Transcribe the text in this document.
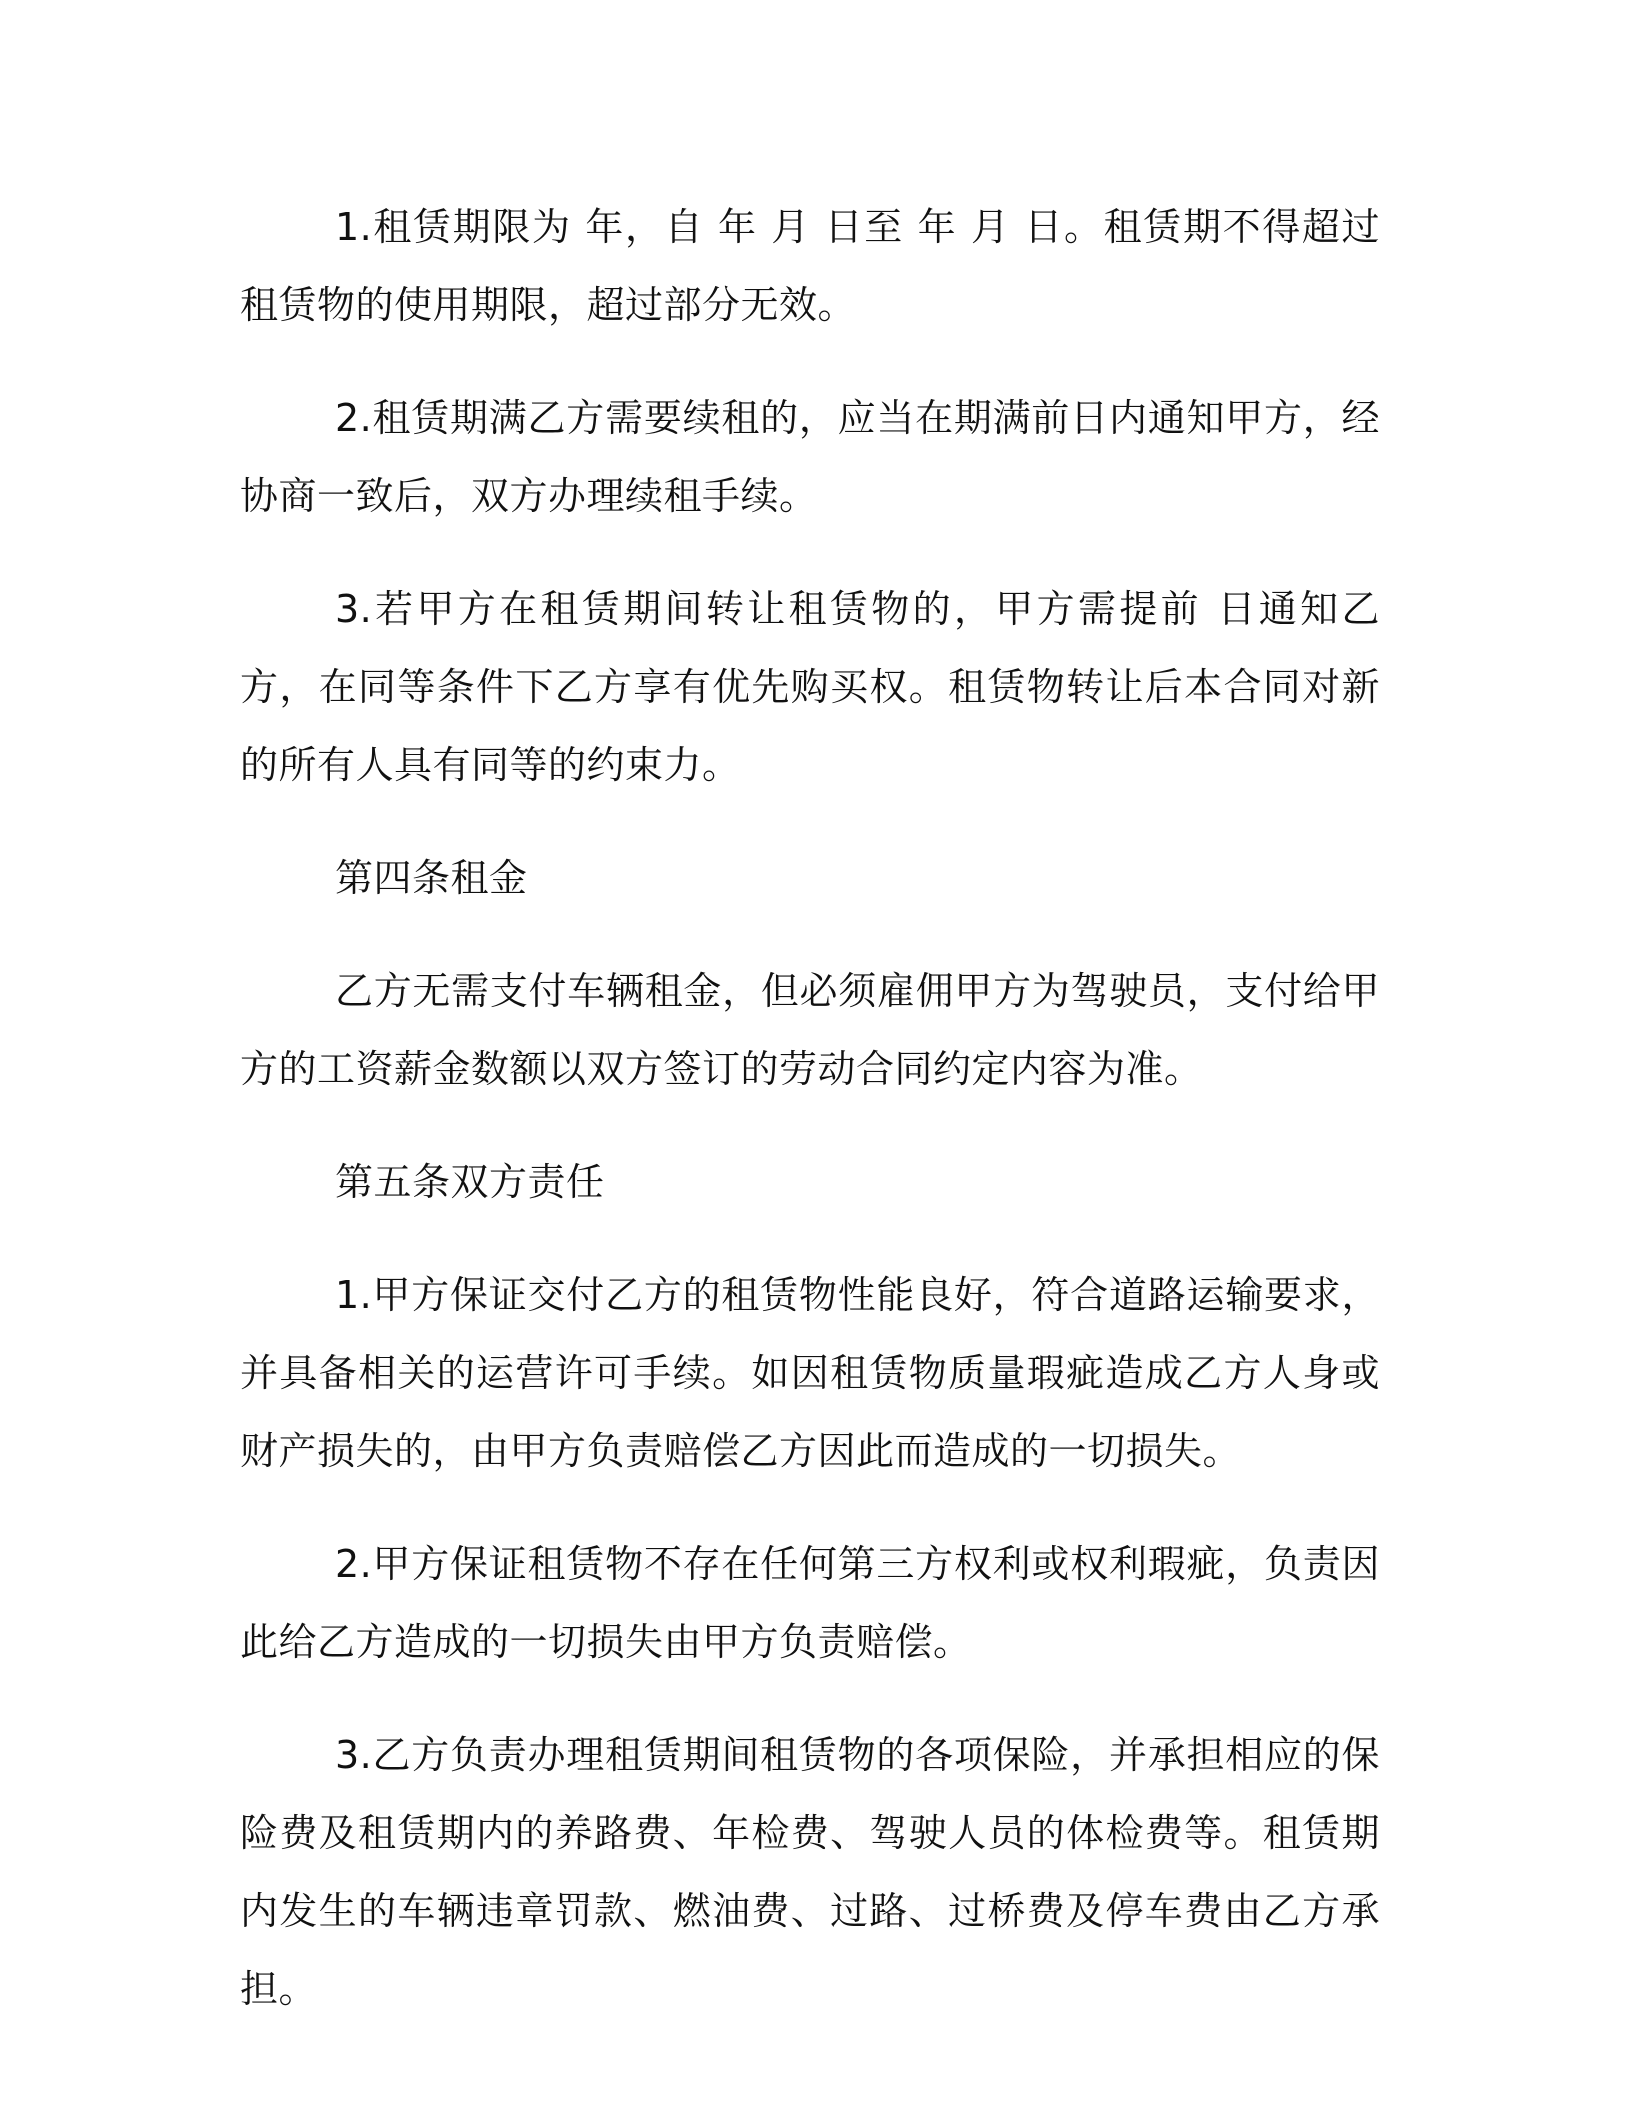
1.租赁期限为 年，自 年 月 日至 年 月 日。租赁期不得超过租赁物的使用期限，超过部分无效。

2.租赁期满乙方需要续租的，应当在期满前日内通知甲方，经协商一致后，双方办理续租手续。

3.若甲方在租赁期间转让租赁物的，甲方需提前 日通知乙方，在同等条件下乙方享有优先购买权。租赁物转让后本合同对新的所有人具有同等的约束力。

第四条租金

乙方无需支付车辆租金，但必须雇佣甲方为驾驶员，支付给甲方的工资薪金数额以双方签订的劳动合同约定内容为准。

第五条双方责任

1.甲方保证交付乙方的租赁物性能良好，符合道路运输要求，并具备相关的运营许可手续。如因租赁物质量瑕疵造成乙方人身或财产损失的，由甲方负责赔偿乙方因此而造成的一切损失。

2.甲方保证租赁物不存在任何第三方权利或权利瑕疵，负责因此给乙方造成的一切损失由甲方负责赔偿。

3.乙方负责办理租赁期间租赁物的各项保险，并承担相应的保险费及租赁期内的养路费、年检费、驾驶人员的体检费等。租赁期内发生的车辆违章罚款、燃油费、过路、过桥费及停车费由乙方承担。
